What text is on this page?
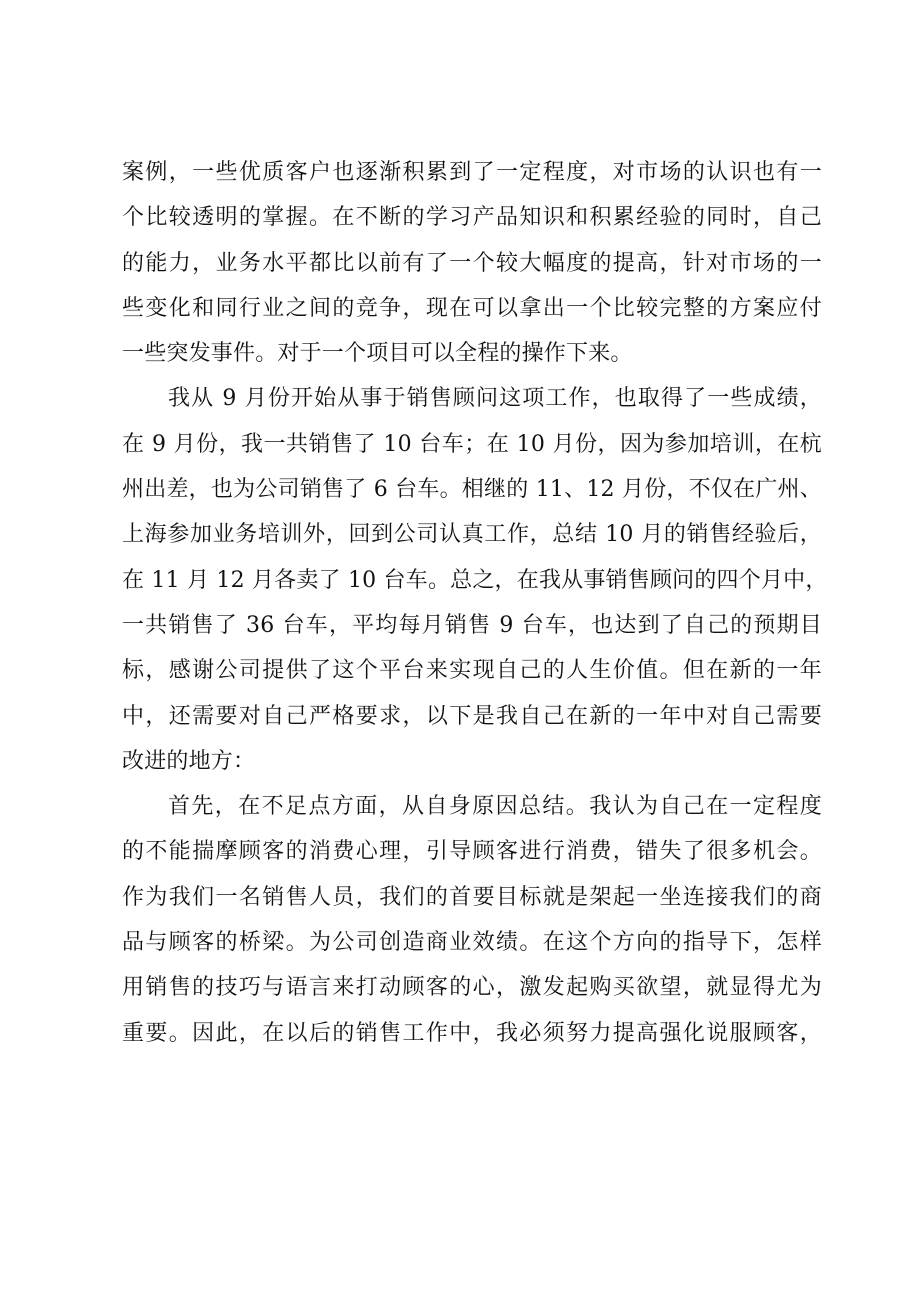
案例，一些优质客户也逐渐积累到了一定程度，对市场的认识也有一
个比较透明的掌握。在不断的学习产品知识和积累经验的同时，自己
的能力，业务水平都比以前有了一个较大幅度的提高，针对市场的一
些变化和同行业之间的竞争，现在可以拿出一个比较完整的方案应付
一些突发事件。对于一个项目可以全程的操作下来。
我从 9 月份开始从事于销售顾问这项工作，也取得了一些成绩，
在 9 月份，我一共销售了 10 台车；在 10 月份，因为参加培训，在杭
州出差，也为公司销售了 6 台车。相继的 11、12 月份，不仅在广州、
上海参加业务培训外，回到公司认真工作，总结 10 月的销售经验后，
在 11 月 12 月各卖了 10 台车。总之，在我从事销售顾问的四个月中，
一共销售了 36 台车，平均每月销售 9 台车，也达到了自己的预期目
标，感谢公司提供了这个平台来实现自己的人生价值。但在新的一年
中，还需要对自己严格要求，以下是我自己在新的一年中对自己需要
改进的地方：
首先，在不足点方面，从自身原因总结。我认为自己在一定程度
的不能揣摩顾客的消费心理，引导顾客进行消费，错失了很多机会。
作为我们一名销售人员，我们的首要目标就是架起一坐连接我们的商
品与顾客的桥梁。为公司创造商业效绩。在这个方向的指导下，怎样
用销售的技巧与语言来打动顾客的心，激发起购买欲望，就显得尤为
重要。因此，在以后的销售工作中，我必须努力提高强化说服顾客，
